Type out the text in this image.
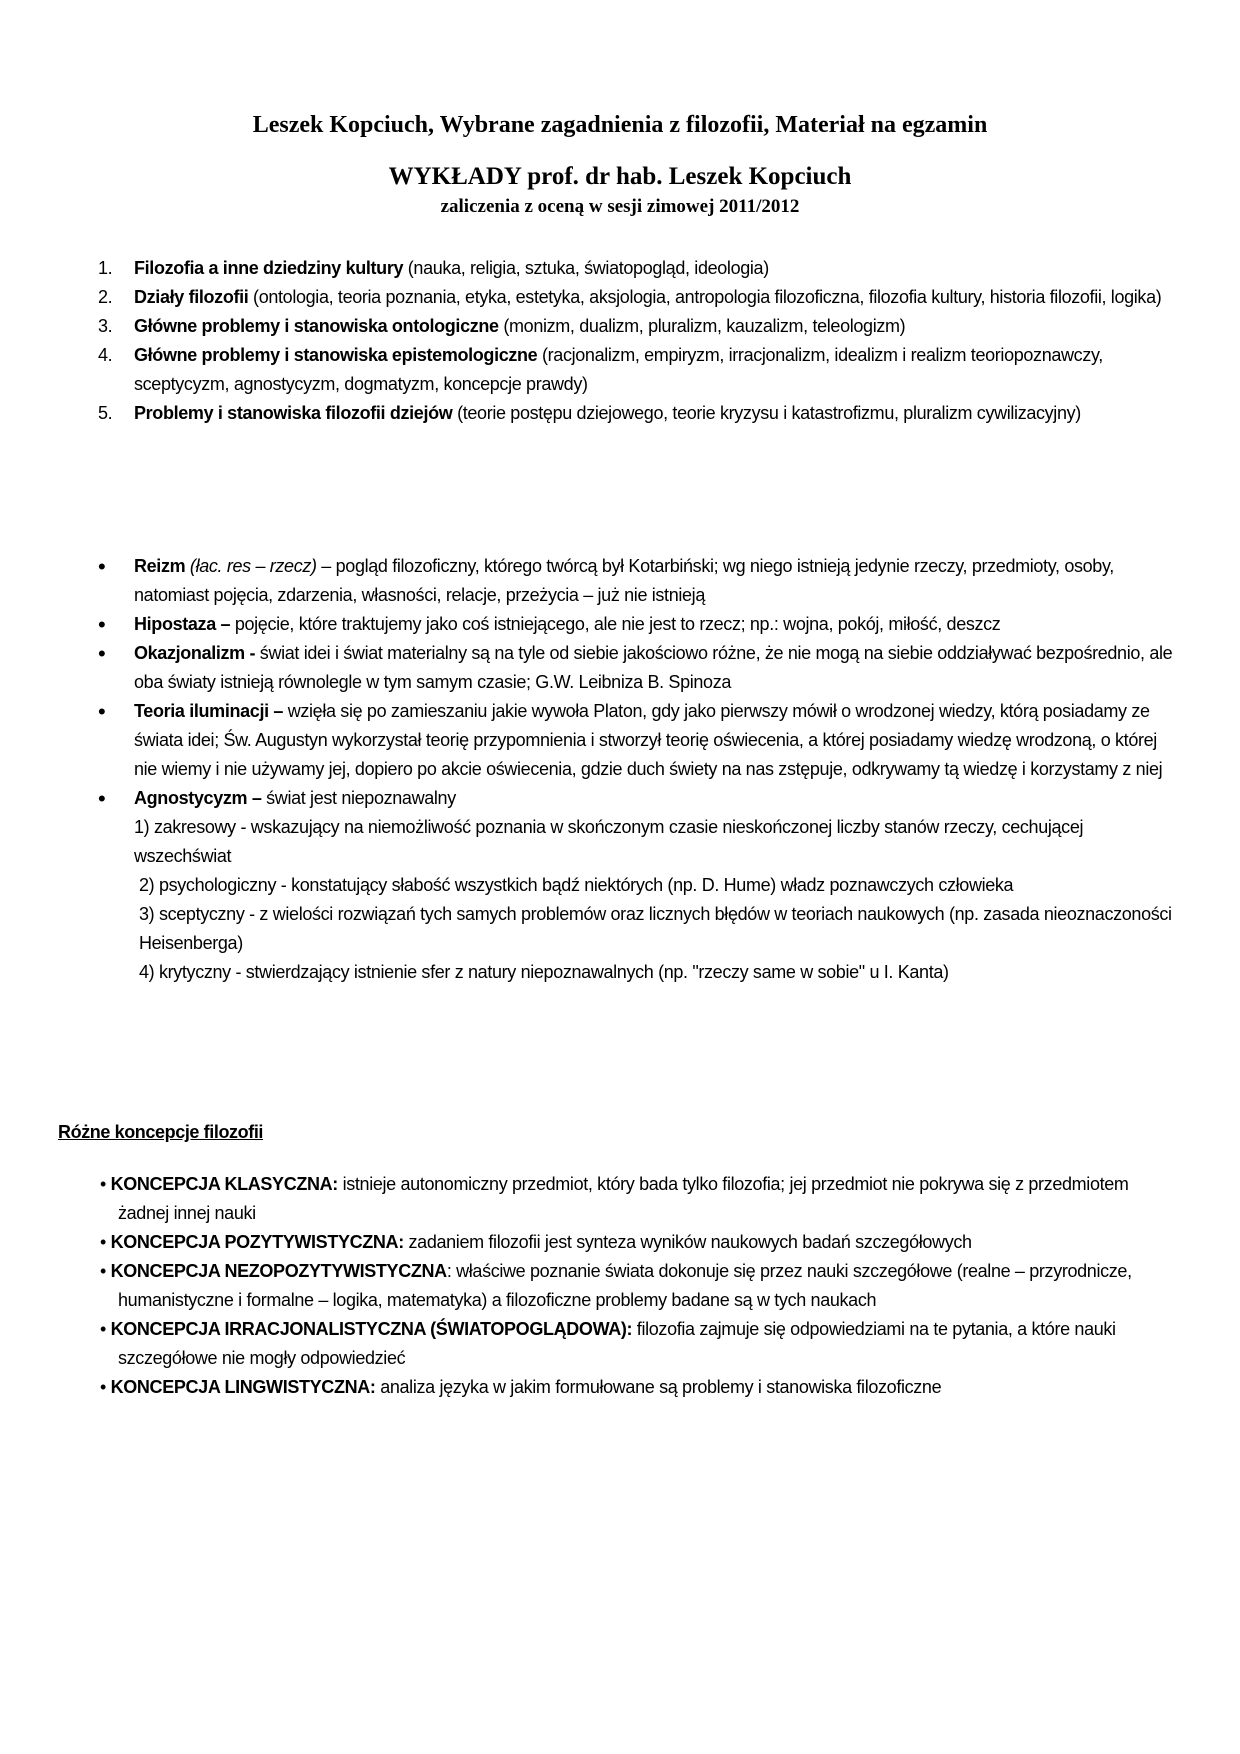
Leszek Kopciuch, Wybrane zagadnienia z filozofii, Materiał na egzamin
WYKŁADY prof. dr hab. Leszek Kopciuch
zaliczenia z oceną w sesji zimowej 2011/2012
1. Filozofia a inne dziedziny kultury (nauka, religia, sztuka, światopogląd, ideologia)
2. Działy filozofii (ontologia, teoria poznania, etyka, estetyka, aksjologia, antropologia filozoficzna, filozofia kultury, historia filozofii, logika)
3. Główne problemy i stanowiska ontologiczne (monizm, dualizm, pluralizm, kauzalizm, teleologizm)
4. Główne problemy i stanowiska epistemologiczne (racjonalizm, empiryzm, irracjonalizm, idealizm i realizm teoriopoznawczy, sceptycyzm, agnostycyzm, dogmatyzm, koncepcje prawdy)
5. Problemy i stanowiska filozofii dziejów (teorie postępu dziejowego, teorie kryzysu i katastrofizmu, pluralizm cywilizacyjny)
• Reizm (łac. res – rzecz) – pogląd filozoficzny, którego twórcą był Kotarbiński; wg niego istnieją jedynie rzeczy, przedmioty, osoby, natomiast pojęcia, zdarzenia, własności, relacje, przeżycia – już nie istnieją
• Hipostaza – pojęcie, które traktujemy jako coś istniejącego, ale nie jest to rzecz; np.: wojna, pokój, miłość, deszcz
• Okazjonalizm - świat idei i świat materialny są na tyle od siebie jakościowo różne, że nie mogą na siebie oddziaływać bezpośrednio, ale oba światy istnieją równolegle w tym samym czasie; G.W. Leibniza B. Spinoza
• Teoria iluminacji – wzięła się po zamieszaniu jakie wywoła Platon, gdy jako pierwszy mówił o wrodzonej wiedzy, którą posiadamy ze świata idei; Św. Augustyn wykorzystał teorię przypomnienia i stworzył teorię oświecenia, a której posiadamy wiedzę wrodzoną, o której nie wiemy i nie używamy jej, dopiero po akcie oświecenia, gdzie duch świety na nas zstępuje, odkrywamy tą wiedzę i korzystamy z niej
• Agnostycyzm – świat jest niepoznawalny
1) zakresowy - wskazujący na niemożliwość poznania w skończonym czasie nieskończonej liczby stanów rzeczy, cechującej wszechświat
2) psychologiczny - konstatujący słabość wszystkich bądź niektórych (np. D. Hume) władz poznawczych człowieka
3) sceptyczny - z wielości rozwiązań tych samych problemów oraz licznych błędów w teoriach naukowych (np. zasada nieoznaczoności Heisenberga)
4) krytyczny - stwierdzający istnienie sfer z natury niepoznawalnych (np. "rzeczy same w sobie" u I. Kanta)
Różne koncepcje filozofii
• KONCEPCJA KLASYCZNA: istnieje autonomiczny przedmiot, który bada tylko filozofia; jej przedmiot nie pokrywa się z przedmiotem żadnej innej nauki
• KONCEPCJA POZYTYWISTYCZNA: zadaniem filozofii jest synteza wyników naukowych badań szczegółowych
• KONCEPCJA NEZOPOZYTYWISTYCZNA: właściwe poznanie świata dokonuje się przez nauki szczegółowe (realne – przyrodnicze, humanistyczne i formalne – logika, matematyka) a filozoficzne problemy badane są w tych naukach
• KONCEPCJA IRRACJONALISTYCZNA (ŚWIATOPOGLĄDOWA): filozofia zajmuje się odpowiedziami na te pytania, a które nauki szczegółowe nie mogły odpowiedzieć
• KONCEPCJA LINGWISTYCZNA: analiza języka w jakim formułowane są problemy i stanowiska filozoficzne
